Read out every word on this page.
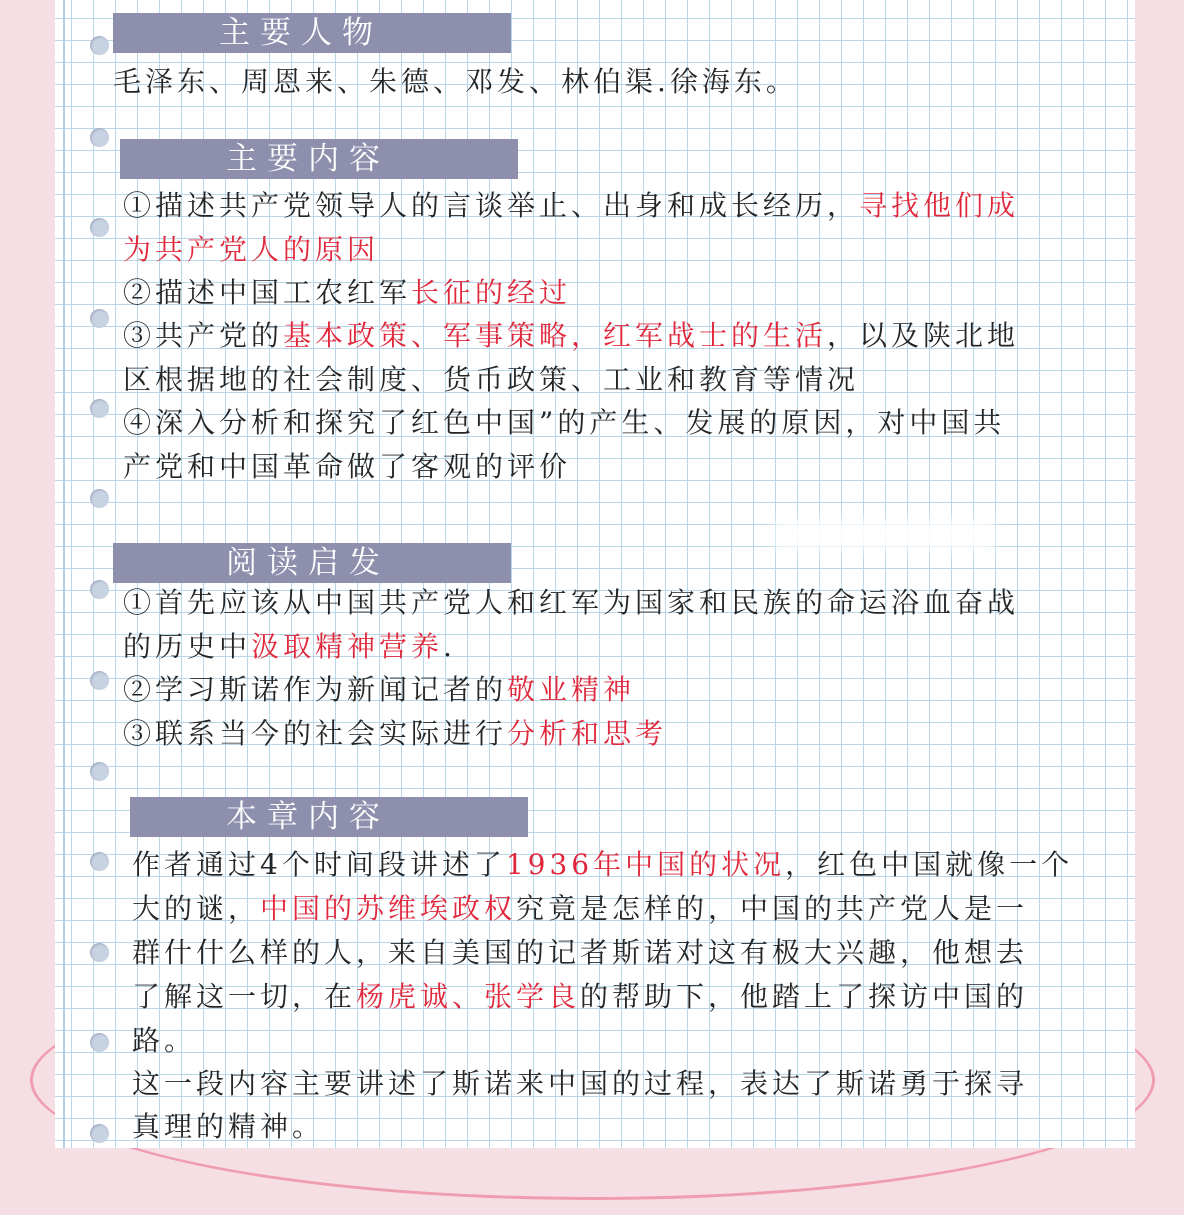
主要人物
毛泽东、周恩来、朱德、邓发、林伯渠.徐海东。
主要内容
①描述共产党领导人的言谈举止、出身和成长经历，寻找他们成
为共产党人的原因
②描述中国工农红军长征的经过
③共产党的基本政策、军事策略，红军战士的生活，以及陕北地
区根据地的社会制度、货币政策、工业和教育等情况
④深入分析和探究了红色中国”的产生、发展的原因，对中国共
产党和中国革命做了客观的评价
阅读启发
①首先应该从中国共产党人和红军为国家和民族的命运浴血奋战
的历史中汲取精神营养.
②学习斯诺作为新闻记者的敬业精神
③联系当今的社会实际进行分析和思考
本章内容
作者通过4个时间段讲述了1936年中国的状况，红色中国就像一个
大的谜，中国的苏维埃政权究竟是怎样的，中国的共产党人是一
群什什么样的人，来自美国的记者斯诺对这有极大兴趣，他想去
了解这一切，在杨虎诚、张学良的帮助下，他踏上了探访中国的
路。
这一段内容主要讲述了斯诺来中国的过程，表达了斯诺勇于探寻
真理的精神。
